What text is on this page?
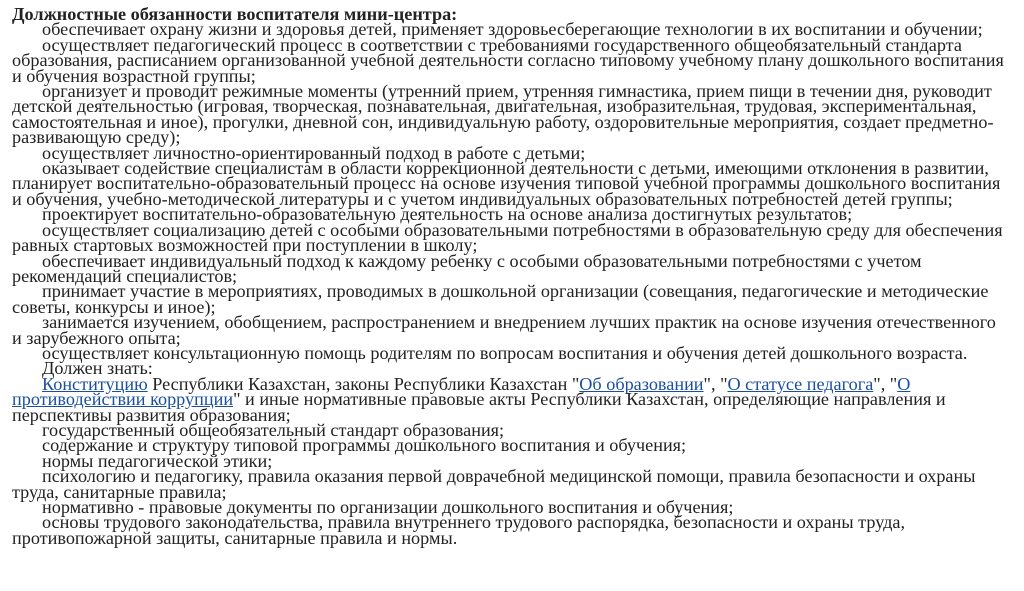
Должностные обязанности воспитателя мини-центра:

обеспечивает охрану жизни и здоровья детей, применяет здоровьесберегающие технологии в их воспитании и обучении;

осуществляет педагогический процесс в соответствии с требованиями государственного общеобязательный стандарта образования, расписанием организованной учебной деятельности согласно типовому учебному плану дошкольного воспитания и обучения возрастной группы;

организует и проводит режимные моменты (утренний прием, утренняя гимнастика, прием пищи в течении дня, руководит детской деятельностью (игровая, творческая, познавательная, двигательная, изобразительная, трудовая, экспериментальная, самостоятельная и иное), прогулки, дневной сон, индивидуальную работу, оздоровительные мероприятия, создает предметно-развивающую среду);

осуществляет личностно-ориентированный подход в работе с детьми;

оказывает содействие специалистам в области коррекционной деятельности с детьми, имеющими отклонения в развитии, планирует воспитательно-образовательный процесс на основе изучения типовой учебной программы дошкольного воспитания и обучения, учебно-методической литературы и с учетом индивидуальных образовательных потребностей детей группы;

проектирует воспитательно-образовательную деятельность на основе анализа достигнутых результатов;

осуществляет социализацию детей с особыми образовательными потребностями в образовательную среду для обеспечения равных стартовых возможностей при поступлении в школу;

обеспечивает индивидуальный подход к каждому ребенку с особыми образовательными потребностями с учетом рекомендаций специалистов;

принимает участие в мероприятиях, проводимых в дошкольной организации (совещания, педагогические и методические советы, конкурсы и иное);

занимается изучением, обобщением, распространением и внедрением лучших практик на основе изучения отечественного и зарубежного опыта;

осуществляет консультационную помощь родителям по вопросам воспитания и обучения детей дошкольного возраста.

Должен знать:

Конституцию Республики Казахстан, законы Республики Казахстан "Об образовании", "О статусе педагога", "О противодействии коррупции" и иные нормативные правовые акты Республики Казахстан, определяющие направления и перспективы развития образования;

государственный общеобязательный стандарт образования;

содержание и структуру типовой программы дошкольного воспитания и обучения;

нормы педагогической этики;

психологию и педагогику, правила оказания первой доврачебной медицинской помощи, правила безопасности и охраны труда, санитарные правила;

нормативно - правовые документы по организации дошкольного воспитания и обучения;

основы трудового законодательства, правила внутреннего трудового распорядка, безопасности и охраны труда, противопожарной защиты, санитарные правила и нормы.
